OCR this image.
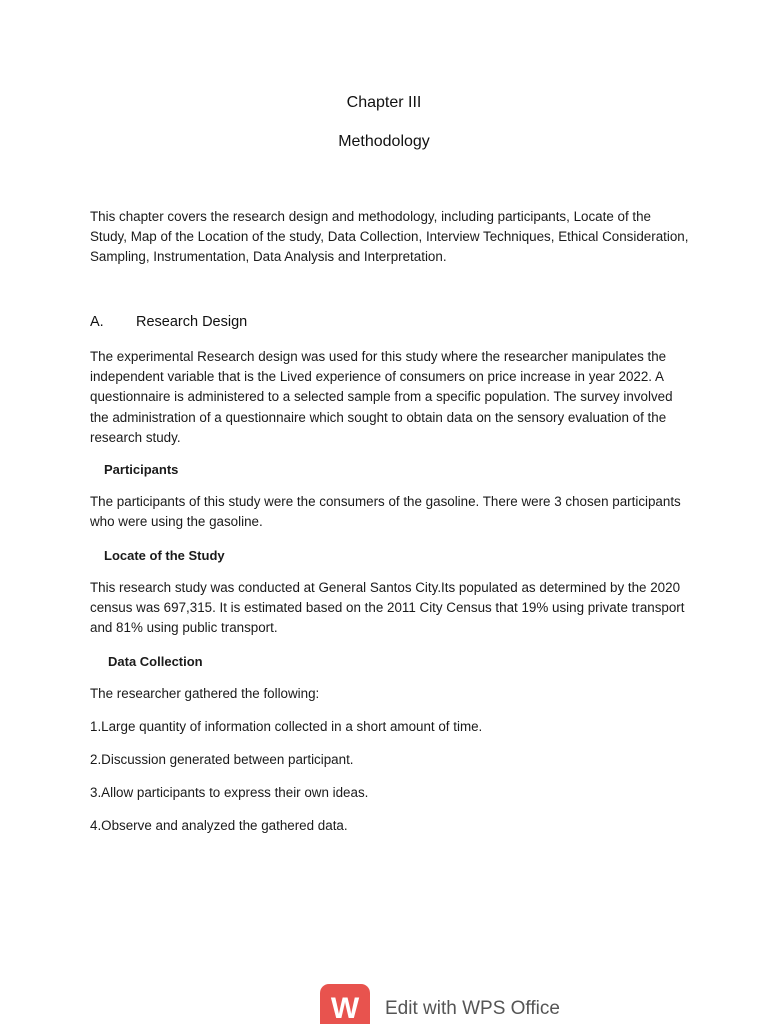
Chapter III
Methodology

This chapter covers the research design and methodology, including participants, Locate of the Study, Map of the Location of the study, Data Collection, Interview Techniques, Ethical Consideration, Sampling, Instrumentation, Data Analysis and Interpretation.

A. Research Design

The experimental Research design was used for this study where the researcher manipulates the independent variable that is the Lived experience of consumers on price increase in year 2022. A questionnaire is administered to a selected sample from a specific population. The survey involved the administration of a questionnaire which sought to obtain data on the sensory evaluation of the research study.

Participants

The participants of this study were the consumers of the gasoline. There were 3 chosen participants who were using the gasoline.

Locate of the Study

This research study was conducted at General Santos City.Its populated as determined by the 2020 census was 697,315. It is estimated based on the 2011 City Census that 19% using private transport and 81% using public transport.

Data Collection
The researcher gathered the following:
1.Large quantity of information collected in a short amount of time.
2.Discussion generated between participant.
3.Allow participants to express their own ideas.
4.Observe and analyzed the gathered data.
W	Edit with WPS Office
